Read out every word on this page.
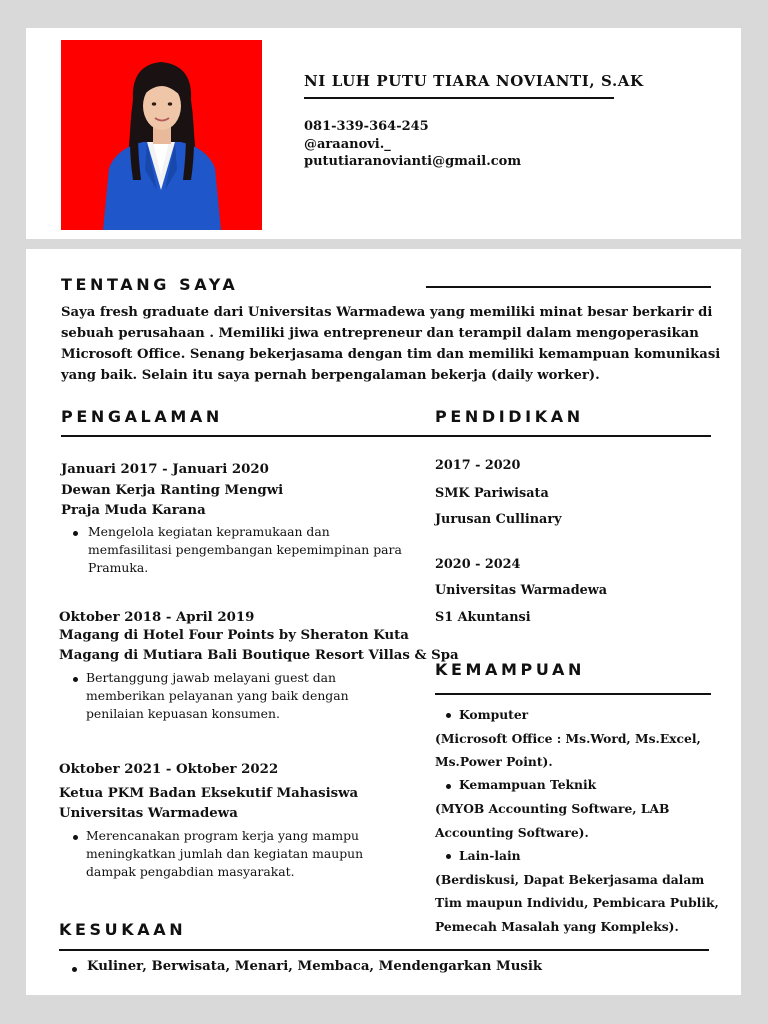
NI LUH PUTU TIARA NOVIANTI, S.AK
081-339-364-245
@araanovi._
pututiaranovianti@gmail.com
TENTANG SAYA
Saya fresh graduate dari Universitas Warmadewa yang memiliki minat besar berkarir di
sebuah perusahaan . Memiliki jiwa entrepreneur dan terampil dalam mengoperasikan
Microsoft Office. Senang bekerjasama dengan tim dan memiliki kemampuan komunikasi
yang baik. Selain itu saya pernah berpengalaman bekerja (daily worker).
PENGALAMAN
Januari 2017 - Januari 2020
Dewan Kerja Ranting Mengwi
Praja Muda Karana
Mengelola kegiatan kepramukaan dan
memfasilitasi pengembangan kepemimpinan para
Pramuka.
Oktober 2018 - April 2019
Magang di Hotel Four Points by Sheraton Kuta
Magang di Mutiara Bali Boutique Resort Villas & Spa
Bertanggung jawab melayani guest dan
memberikan pelayanan yang baik dengan
penilaian kepuasan konsumen.
Oktober 2021 - Oktober 2022
Ketua PKM Badan Eksekutif Mahasiswa
Universitas Warmadewa
Merencanakan program kerja yang mampu
meningkatkan jumlah dan kegiatan maupun
dampak pengabdian masyarakat.
PENDIDIKAN
2017 - 2020
SMK Pariwisata
Jurusan Cullinary
2020 - 2024
Universitas Warmadewa
S1 Akuntansi
KEMAMPUAN
Komputer
(Microsoft Office : Ms.Word, Ms.Excel,
Ms.Power Point).
Kemampuan Teknik
(MYOB Accounting Software, LAB
Accounting Software).
Lain-lain
(Berdiskusi, Dapat Bekerjasama dalam
Tim maupun Individu, Pembicara Publik,
Pemecah Masalah yang Kompleks).
KESUKAAN
Kuliner, Berwisata, Menari, Membaca, Mendengarkan Musik
